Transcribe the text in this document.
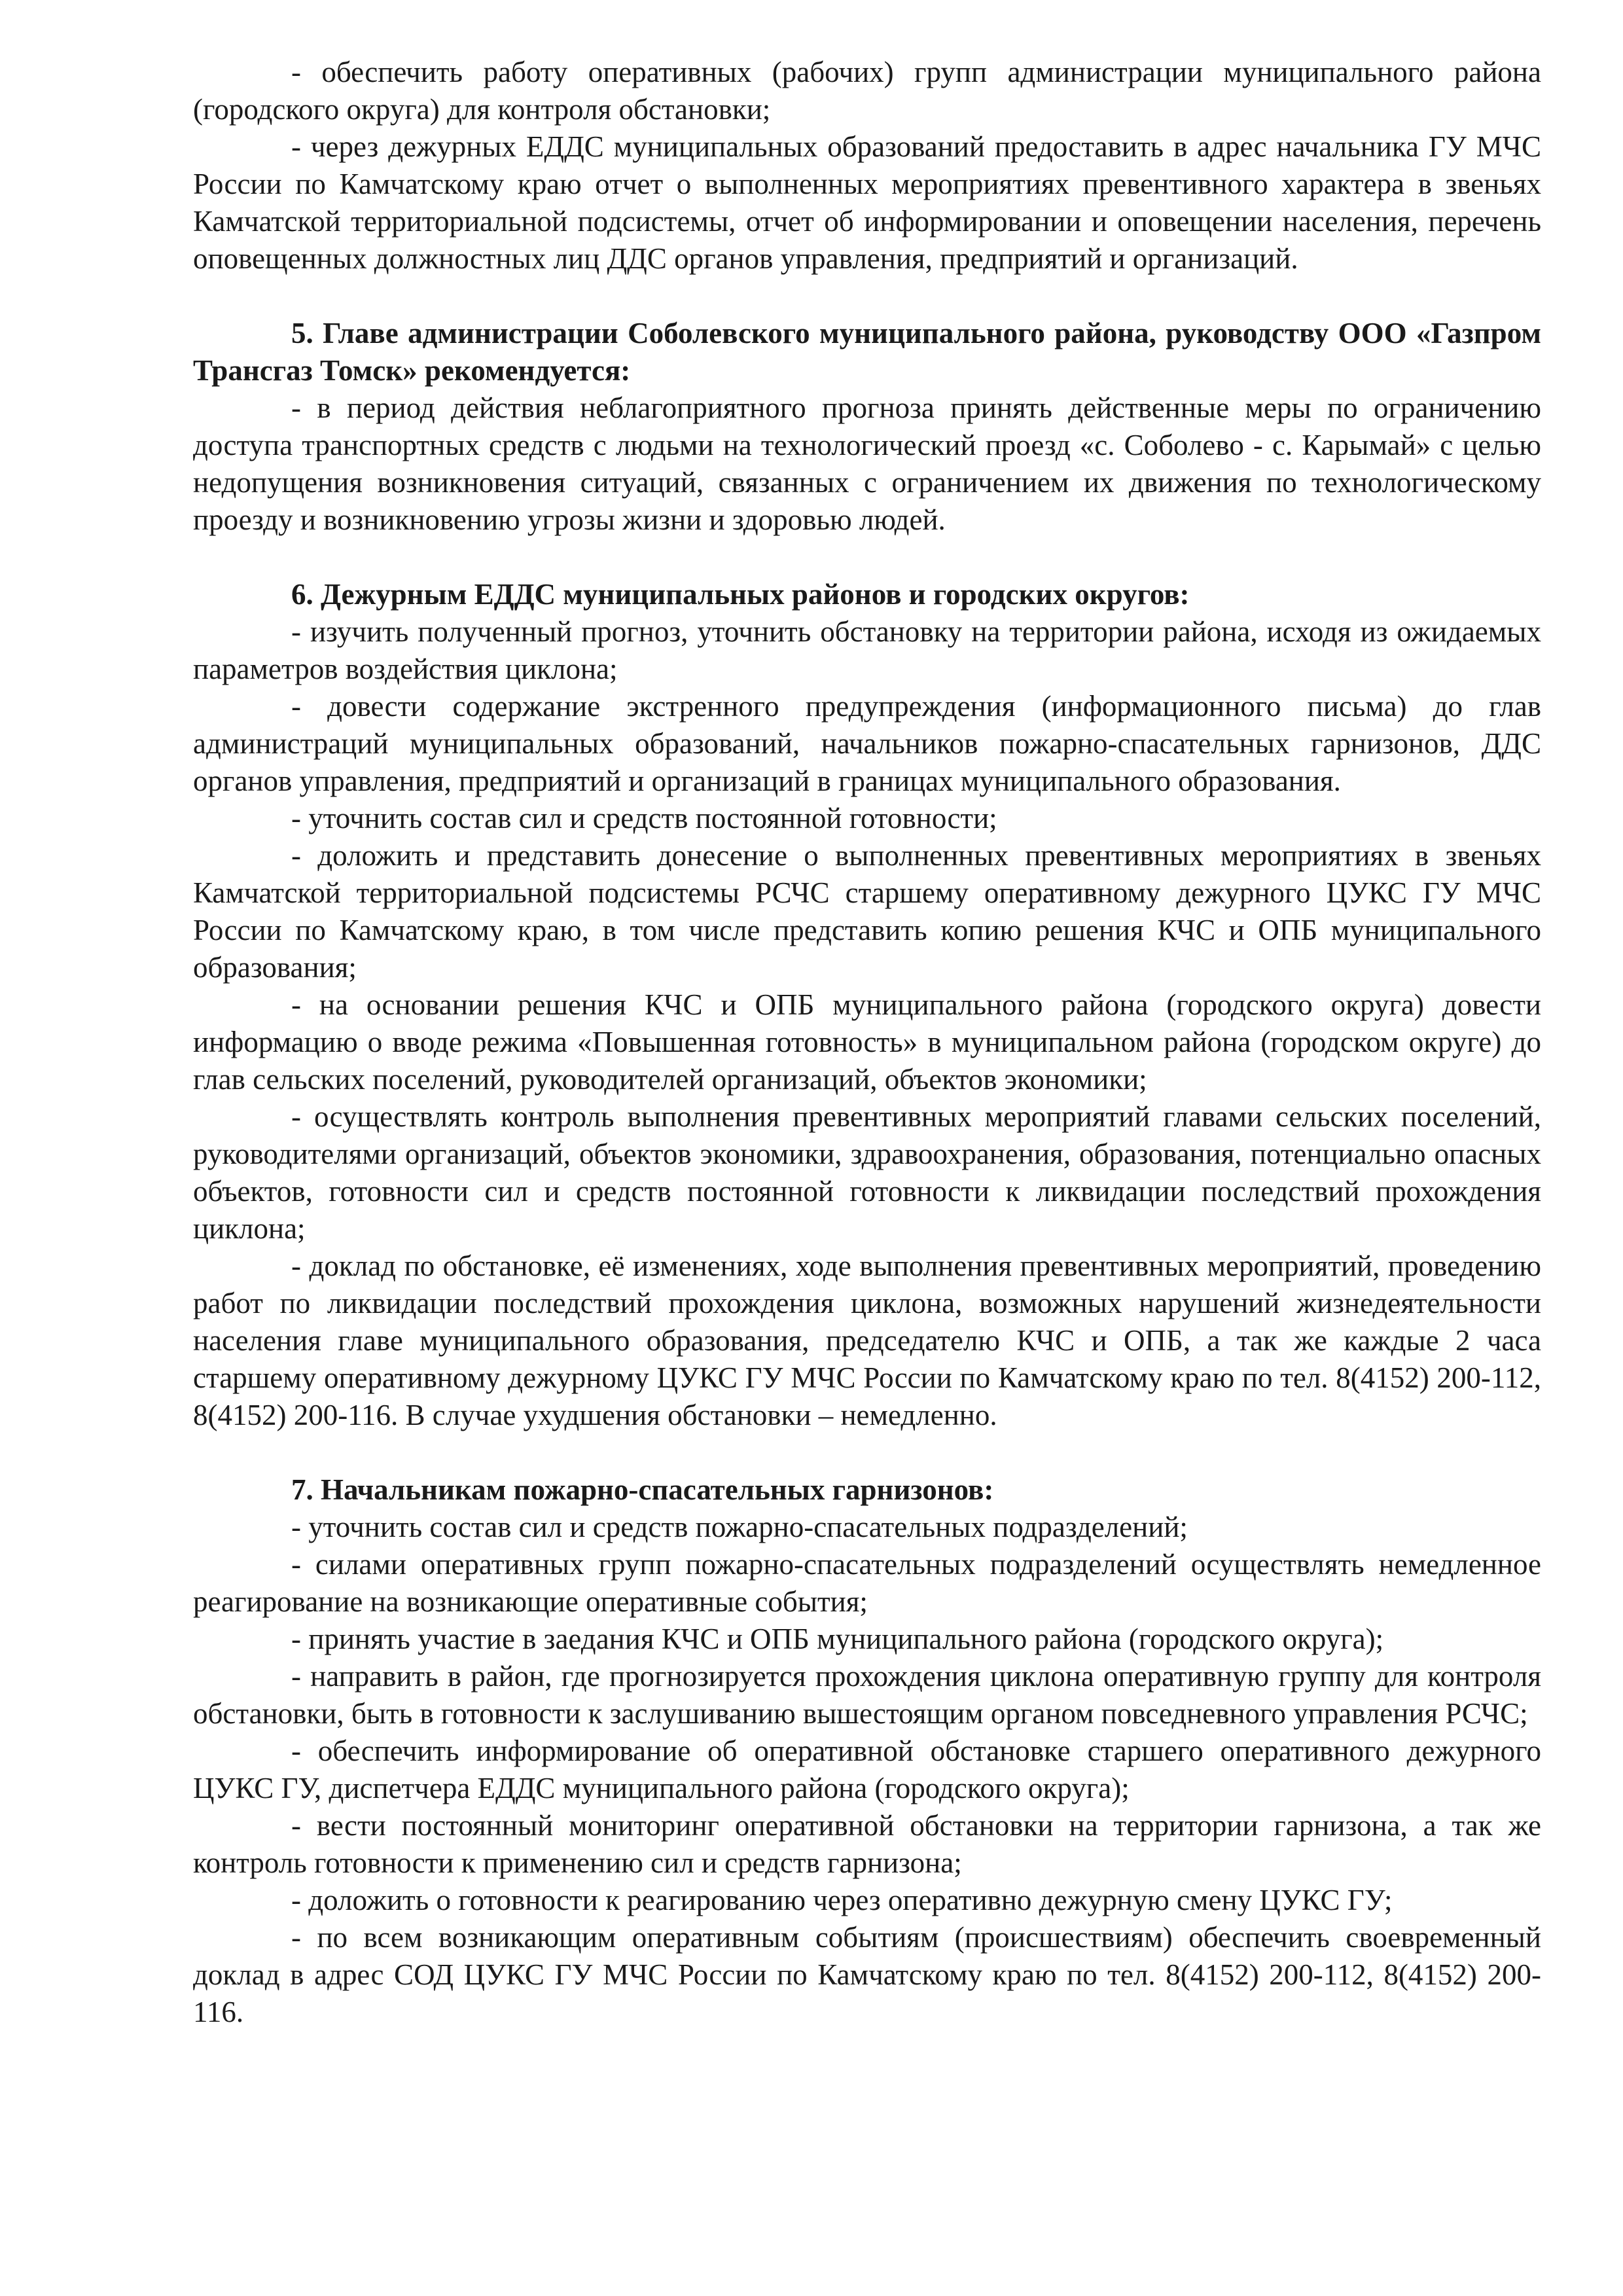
- обеспечить работу оперативных (рабочих) групп администрации муниципального района (городского округа) для контроля обстановки;

- через дежурных ЕДДС муниципальных образований предоставить в адрес начальника ГУ МЧС России по Камчатскому краю отчет о выполненных мероприятиях превентивного характера в звеньях Камчатской территориальной подсистемы, отчет об информировании и оповещении населения, перечень оповещенных должностных лиц ДДС органов управления, предприятий и организаций.

5. Главе администрации Соболевского муниципального района, руководству ООО «Газпром Трансгаз Томск» рекомендуется:

- в период действия неблагоприятного прогноза принять действенные меры по ограничению доступа транспортных средств с людьми на технологический проезд «с. Соболево - с. Карымай» с целью недопущения возникновения ситуаций, связанных с ограничением их движения по технологическому проезду и возникновению угрозы жизни и здоровью людей.

6. Дежурным ЕДДС муниципальных районов и городских округов:

- изучить полученный прогноз, уточнить обстановку на территории района, исходя из ожидаемых параметров воздействия циклона;

- довести содержание экстренного предупреждения (информационного письма) до глав администраций муниципальных образований, начальников пожарно-спасательных гарнизонов, ДДС органов управления, предприятий и организаций в границах муниципального образования.

- уточнить состав сил и средств постоянной готовности;

- доложить и представить донесение о выполненных превентивных мероприятиях в звеньях Камчатской территориальной подсистемы РСЧС старшему оперативному дежурного ЦУКС ГУ МЧС России по Камчатскому краю, в том числе представить копию решения КЧС и ОПБ муниципального образования;

- на основании решения КЧС и ОПБ муниципального района (городского округа) довести информацию о вводе режима «Повышенная готовность» в муниципальном района (городском округе) до глав сельских поселений, руководителей организаций, объектов экономики;

- осуществлять контроль выполнения превентивных мероприятий главами сельских поселений, руководителями организаций, объектов экономики, здравоохранения, образования, потенциально опасных объектов, готовности сил и средств постоянной готовности к ликвидации последствий прохождения циклона;

- доклад по обстановке, её изменениях, ходе выполнения превентивных мероприятий, проведению работ по ликвидации последствий прохождения циклона, возможных нарушений жизнедеятельности населения главе муниципального образования, председателю КЧС и ОПБ, а так же каждые 2 часа старшему оперативному дежурному ЦУКС ГУ МЧС России по Камчатскому краю по тел. 8(4152) 200-112, 8(4152) 200-116. В случае ухудшения обстановки – немедленно.

7. Начальникам пожарно-спасательных гарнизонов:

- уточнить состав сил и средств пожарно-спасательных подразделений;

- силами оперативных групп пожарно-спасательных подразделений осуществлять немедленное реагирование на возникающие оперативные события;

- принять участие в заедания КЧС и ОПБ муниципального района (городского округа);

- направить в район, где прогнозируется прохождения циклона оперативную группу для контроля обстановки, быть в готовности к заслушиванию вышестоящим органом повседневного управления РСЧС;

- обеспечить информирование об оперативной обстановке старшего оперативного дежурного ЦУКС ГУ, диспетчера ЕДДС муниципального района (городского округа);

- вести постоянный мониторинг оперативной обстановки на территории гарнизона, а так же контроль готовности к применению сил и средств гарнизона;

- доложить о готовности к реагированию через оперативно дежурную смену ЦУКС ГУ;

- по всем возникающим оперативным событиям (происшествиям) обеспечить своевременный доклад в адрес СОД ЦУКС ГУ МЧС России по Камчатскому краю по тел. 8(4152) 200-112, 8(4152) 200-116.
